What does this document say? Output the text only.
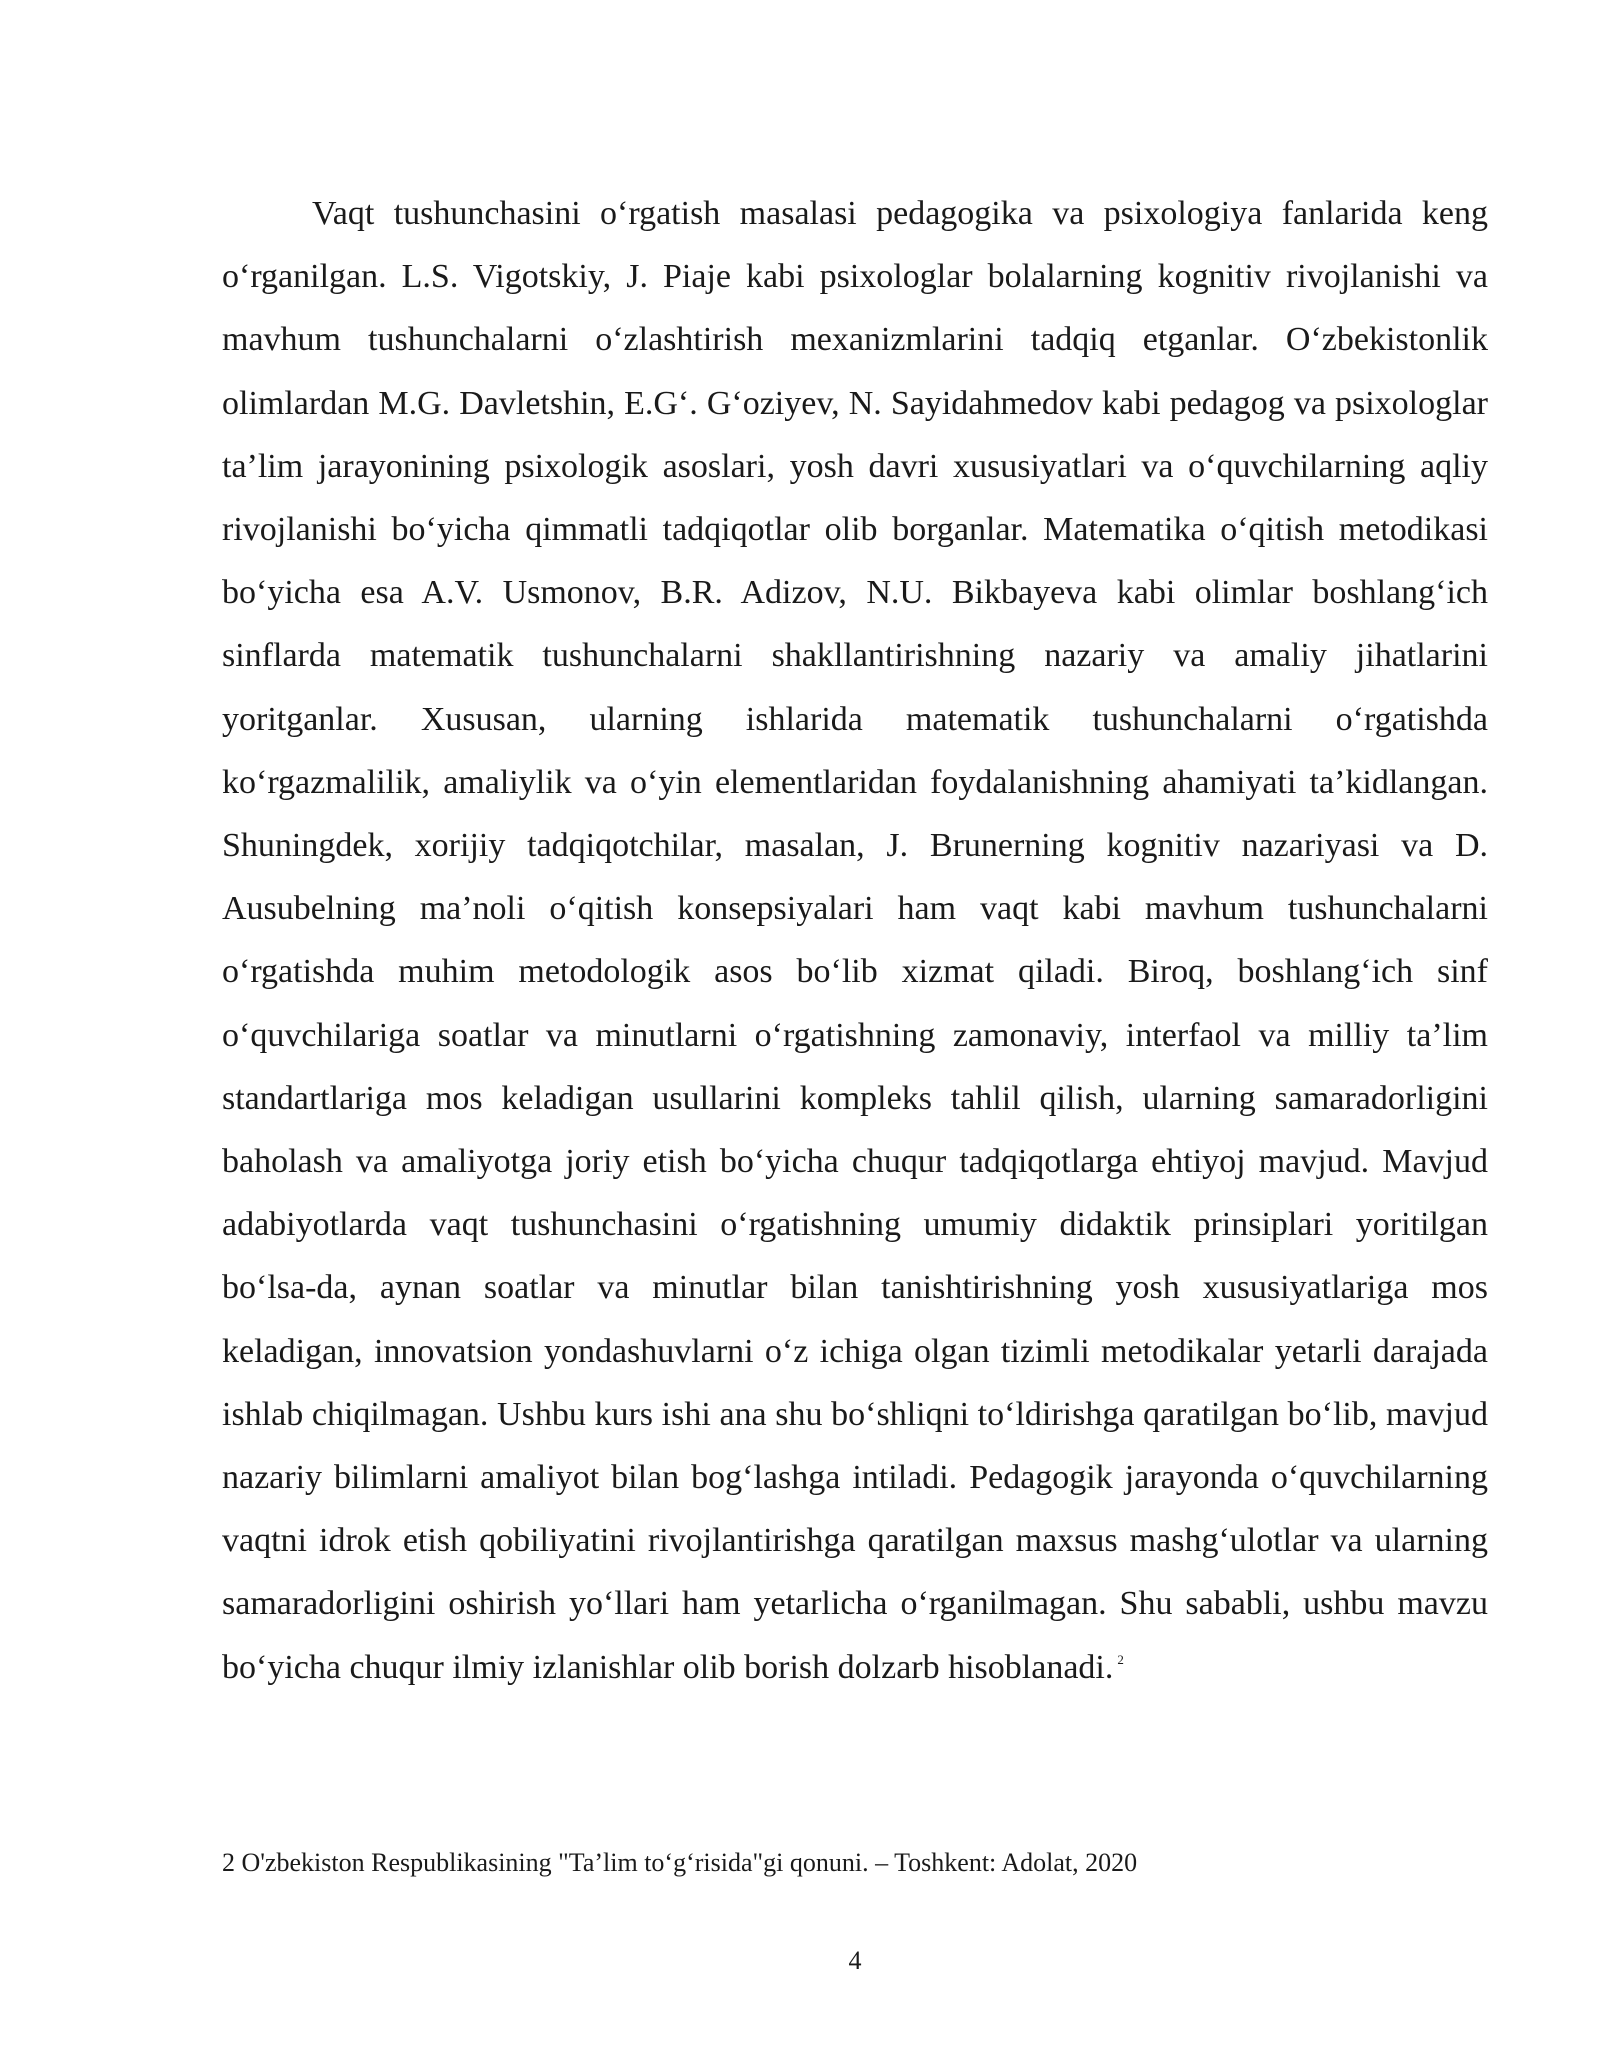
Vaqt tushunchasini o‘rgatish masalasi pedagogika va psixologiya fanlarida keng o‘rganilgan. L.S. Vigotskiy, J. Piaje kabi psixologlar bolalarning kognitiv rivojlanishi va mavhum tushunchalarni o‘zlashtirish mexanizmlarini tadqiq etganlar. O‘zbekistonlik olimlardan M.G. Davletshin, E.G‘. G‘oziyev, N. Sayidahmedov kabi pedagog va psixologlar ta’lim jarayonining psixologik asoslari, yosh davri xususiyatlari va o‘quvchilarning aqliy rivojlanishi bo‘yicha qimmatli tadqiqotlar olib borganlar. Matematika o‘qitish metodikasi bo‘yicha esa A.V. Usmonov, B.R. Adizov, N.U. Bikbayeva kabi olimlar boshlang‘ich sinflarda matematik tushunchalarni shakllantirishning nazariy va amaliy jihatlarini yoritganlar. Xususan, ularning ishlarida matematik tushunchalarni o‘rgatishda ko‘rgazmalilik, amaliylik va o‘yin elementlaridan foydalanishning ahamiyati ta’kidlangan. Shuningdek, xorijiy tadqiqotchilar, masalan, J. Brunerning kognitiv nazariyasi va D. Ausubelning ma’noli o‘qitish konsepsiyalari ham vaqt kabi mavhum tushunchalarni o‘rgatishda muhim metodologik asos bo‘lib xizmat qiladi. Biroq, boshlang‘ich sinf o‘quvchilariga soatlar va minutlarni o‘rgatishning zamonaviy, interfaol va milliy ta’lim standartlariga mos keladigan usullarini kompleks tahlil qilish, ularning samaradorligini baholash va amaliyotga joriy etish bo‘yicha chuqur tadqiqotlarga ehtiyoj mavjud. Mavjud adabiyotlarda vaqt tushunchasini o‘rgatishning umumiy didaktik prinsiplari yoritilgan bo‘lsa-da, aynan soatlar va minutlar bilan tanishtirishning yosh xususiyatlariga mos keladigan, innovatsion yondashuvlarni o‘z ichiga olgan tizimli metodikalar yetarli darajada ishlab chiqilmagan. Ushbu kurs ishi ana shu bo‘shliqni to‘ldirishga qaratilgan bo‘lib, mavjud nazariy bilimlarni amaliyot bilan bog‘lashga intiladi. Pedagogik jarayonda o‘quvchilarning vaqtni idrok etish qobiliyatini rivojlantirishga qaratilgan maxsus mashg‘ulotlar va ularning samaradorligini oshirish yo‘llari ham yetarlicha o‘rganilmagan. Shu sababli, ushbu mavzu bo‘yicha chuqur ilmiy izlanishlar olib borish dolzarb hisoblanadi. $^2$

2 O'zbekiston Respublikasining "Ta’lim to‘g‘risida"gi qonuni. – Toshkent: Adolat, 2020

4
